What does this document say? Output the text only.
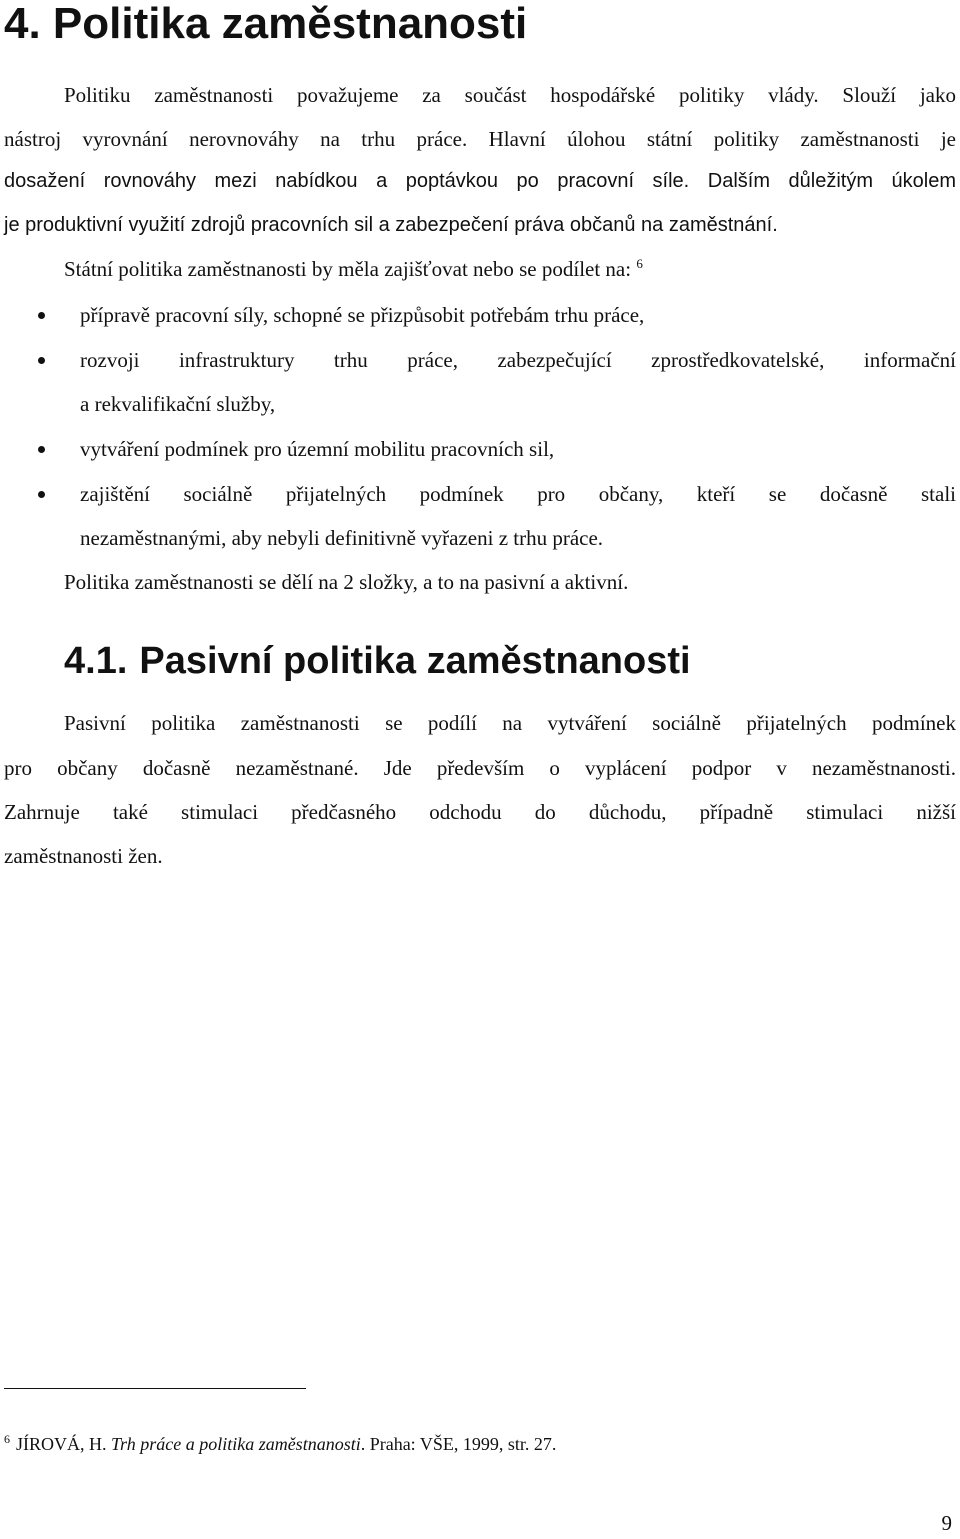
4. Politika zaměstnanosti
Politiku zaměstnanosti považujeme za součást hospodářské politiky vlády. Slouží jako
nástroj vyrovnání nerovnováhy na trhu práce. Hlavní úlohou státní politiky zaměstnanosti je
dosažení rovnováhy mezi nabídkou a poptávkou po pracovní síle. Dalším důležitým úkolem
je produktivní využití zdrojů pracovních sil a zabezpečení práva občanů na zaměstnání.
Státní politika zaměstnanosti by měla zajišťovat nebo se podílet na: $^6$
přípravě pracovní síly, schopné se přizpůsobit potřebám trhu práce,
rozvoji infrastruktury trhu práce, zabezpečující zprostředkovatelské, informační
a rekvalifikační služby,
vytváření podmínek pro územní mobilitu pracovních sil,
zajištění sociálně přijatelných podmínek pro občany, kteří se dočasně stali
nezaměstnanými, aby nebyli definitivně vyřazeni z trhu práce.
Politika zaměstnanosti se dělí na 2 složky, a to na pasivní a aktivní.
4.1. Pasivní politika zaměstnanosti
Pasivní politika zaměstnanosti se podílí na vytváření sociálně přijatelných podmínek
pro občany dočasně nezaměstnané. Jde především o vyplácení podpor v nezaměstnanosti.
Zahrnuje také stimulaci předčasného odchodu do důchodu, případně stimulaci nižší
zaměstnanosti žen.
$^6$ JÍROVÁ, H. Trh práce a politika zaměstnanosti. Praha: VŠE, 1999, str. 27.
9
